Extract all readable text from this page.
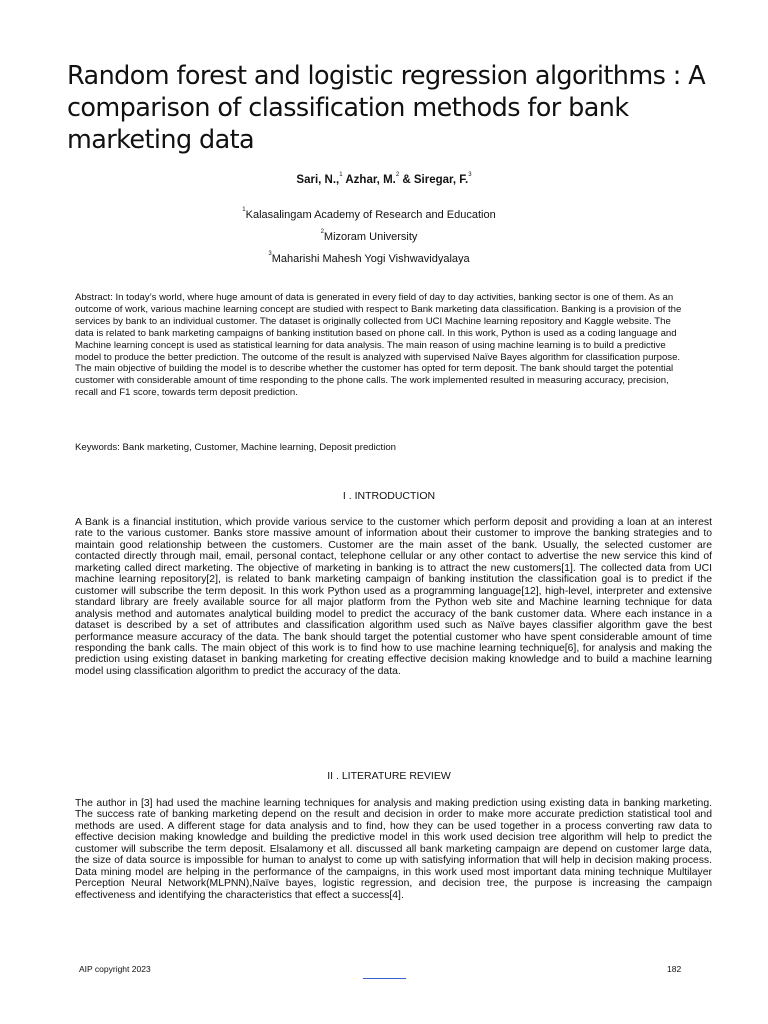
Random forest and logistic regression algorithms : A comparison of classification methods for bank marketing data
Sari, N.,$^1$ Azhar, M.$^2$ & Siregar, F.$^3$
$^1$Kalasalingam Academy of Research and Education
$^2$Mizoram University
$^3$Maharishi Mahesh Yogi Vishwavidyalaya

Abstract: In today’s world, where huge amount of data is generated in every field of day to day activities, banking sector is one of them. As an outcome of work, various machine learning concept are studied with respect to Bank marketing data classification. Banking is a provision of the services by bank to an individual customer. The dataset is originally collected from UCI Machine learning repository and Kaggle website. The data is related to bank marketing campaigns of banking institution based on phone call. In this work, Python is used as a coding language and Machine learning concept is used as statistical learning for data analysis. The main reason of using machine learning is to build a predictive model to produce the better prediction. The outcome of the result is analyzed with supervised Naïve Bayes algorithm for classification purpose. The main objective of building the model is to describe whether the customer has opted for term deposit. The bank should target the potential customer with considerable amount of time responding to the phone calls. The work implemented resulted in measuring accuracy, precision, recall and F1 score, towards term deposit prediction.

Keywords: Bank marketing, Customer, Machine learning, Deposit prediction

I . INTRODUCTION

A Bank is a financial institution, which provide various service to the customer which perform deposit and providing a loan at an interest rate to the various customer. Banks store massive amount of information about their customer to improve the banking strategies and to maintain good relationship between the customers. Customer are the main asset of the bank. Usually, the selected customer are contacted directly through mail, email, personal contact, telephone cellular or any other contact to advertise the new service this kind of marketing called direct marketing. The objective of marketing in banking is to attract the new customers[1]. The collected data from UCI machine learning repository[2], is related to bank marketing campaign of banking institution the classification goal is to predict if the customer will subscribe the term deposit. In this work Python used as a programming language[12], high-level, interpreter and extensive standard library are freely available source for all major platform from the Python web site and Machine learning technique for data analysis method and automates analytical building model to predict the accuracy of the bank customer data. Where each instance in a dataset is described by a set of attributes and classification algorithm used such as Naïve bayes classifier algorithm gave the best performance measure accuracy of the data. The bank should target the potential customer who have spent considerable amount of time responding the bank calls. The main object of this work is to find how to use machine learning technique[6], for analysis and making the prediction using existing dataset in banking marketing for creating effective decision making knowledge and to build a machine learning model using classification algorithm to predict the accuracy of the data.

II . LITERATURE REVIEW

The author in [3] had used the machine learning techniques for analysis and making prediction using existing data in banking marketing. The success rate of banking marketing depend on the result and decision in order to make more accurate prediction statistical tool and methods are used. A different stage for data analysis and to find, how they can be used together in a process converting raw data to effective decision making knowledge and building the predictive model in this work used decision tree algorithm will help to predict the customer will subscribe the term deposit. Elsalamony et all. discussed all bank marketing campaign are depend on customer large data, the size of data source is impossible for human to analyst to come up with satisfying information that will help in decision making process. Data mining model are helping in the performance of the campaigns, in this work used most important data mining technique Multilayer Perception Neural Network(MLPNN),Naïve bayes, logistic regression, and decision tree, the purpose is increasing the campaign effectiveness and identifying the characteristics that effect a success[4].

AIP copyright 2023	182
